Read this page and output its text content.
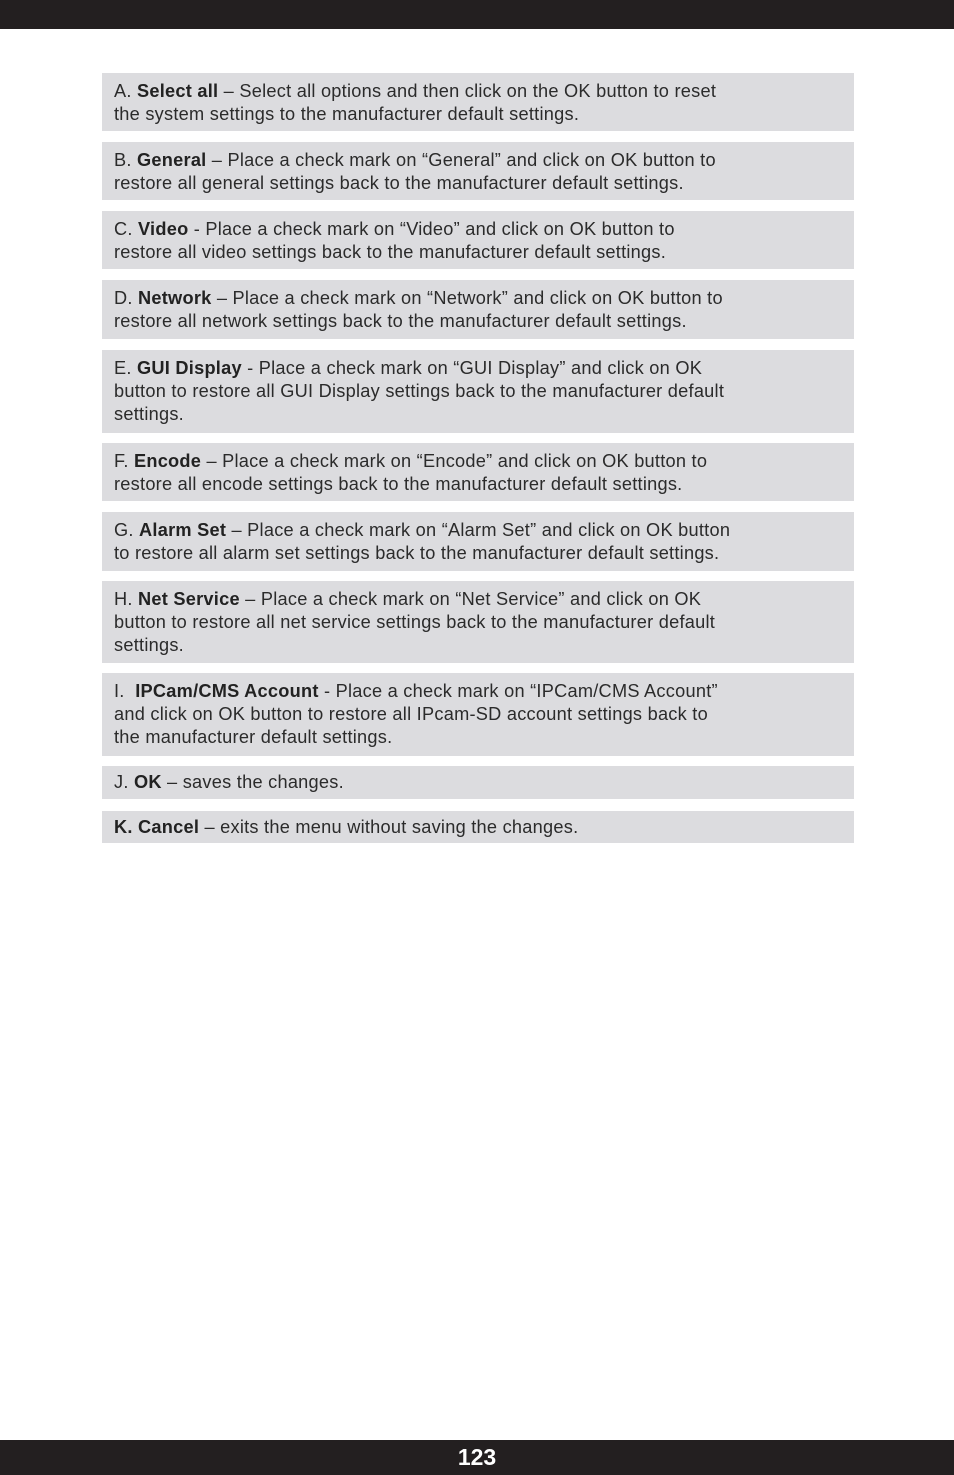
A. Select all – Select all options and then click on the OK button to reset
the system settings to the manufacturer default settings.
B. General – Place a check mark on “General” and click on OK button to
restore all general settings back to the manufacturer default settings.
C. Video - Place a check mark on “Video” and click on OK button to
restore all video settings back to the manufacturer default settings.
D. Network – Place a check mark on “Network” and click on OK button to
restore all network settings back to the manufacturer default settings.
E. GUI Display - Place a check mark on “GUI Display” and click on OK
button to restore all GUI Display settings back to the manufacturer default
settings.
F. Encode – Place a check mark on “Encode” and click on OK button to
restore all encode settings back to the manufacturer default settings.
G. Alarm Set – Place a check mark on “Alarm Set” and click on OK button
to restore all alarm set settings back to the manufacturer default settings.
H. Net Service – Place a check mark on “Net Service” and click on OK
button to restore all net service settings back to the manufacturer default
settings.
I.  IPCam/CMS Account - Place a check mark on “IPCam/CMS Account”
and click on OK button to restore all IPcam-SD account settings back to
the manufacturer default settings.
J. OK – saves the changes.
K. Cancel – exits the menu without saving the changes.
123
